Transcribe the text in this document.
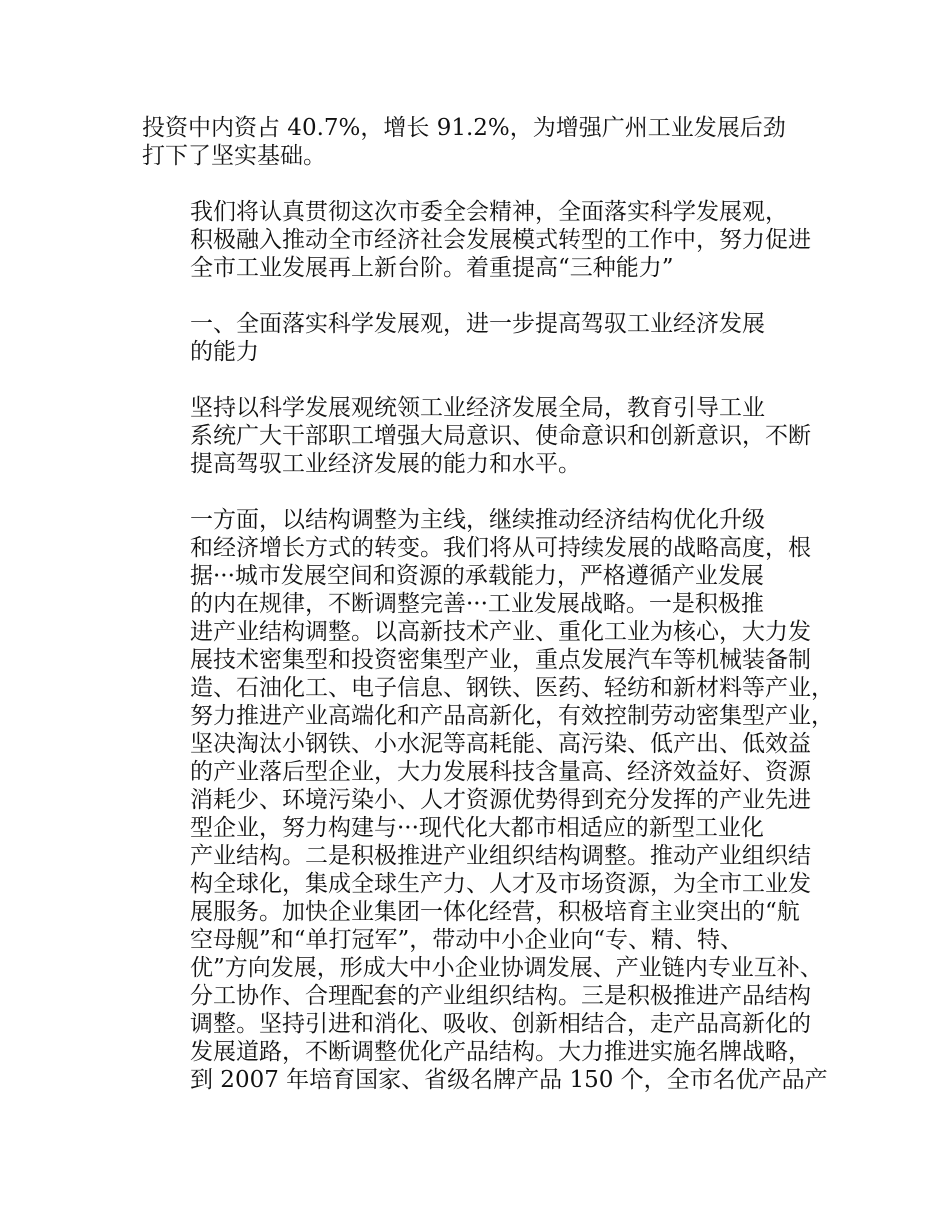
投资中内资占 40.7%，增长 91.2%，为增强广州工业发展后劲
打下了坚实基础。

我们将认真贯彻这次市委全会精神，全面落实科学发展观，
积极融入推动全市经济社会发展模式转型的工作中，努力促进
全市工业发展再上新台阶。着重提高“三种能力”

一、全面落实科学发展观，进一步提高驾驭工业经济发展
的能力

坚持以科学发展观统领工业经济发展全局，教育引导工业
系统广大干部职工增强大局意识、使命意识和创新意识，不断
提高驾驭工业经济发展的能力和水平。

一方面，以结构调整为主线，继续推动经济结构优化升级
和经济增长方式的转变。我们将从可持续发展的战略高度，根
据···城市发展空间和资源的承载能力，严格遵循产业发展
的内在规律，不断调整完善···工业发展战略。一是积极推
进产业结构调整。以高新技术产业、重化工业为核心，大力发
展技术密集型和投资密集型产业，重点发展汽车等机械装备制
造、石油化工、电子信息、钢铁、医药、轻纺和新材料等产业，
努力推进产业高端化和产品高新化，有效控制劳动密集型产业，
坚决淘汰小钢铁、小水泥等高耗能、高污染、低产出、低效益
的产业落后型企业，大力发展科技含量高、经济效益好、资源
消耗少、环境污染小、人才资源优势得到充分发挥的产业先进
型企业，努力构建与···现代化大都市相适应的新型工业化
产业结构。二是积极推进产业组织结构调整。推动产业组织结
构全球化，集成全球生产力、人才及市场资源，为全市工业发
展服务。加快企业集团一体化经营，积极培育主业突出的“航
空母舰”和“单打冠军”，带动中小企业向“专、精、特、
优”方向发展，形成大中小企业协调发展、产业链内专业互补、
分工协作、合理配套的产业组织结构。三是积极推进产品结构
调整。坚持引进和消化、吸收、创新相结合，走产品高新化的
发展道路，不断调整优化产品结构。大力推进实施名牌战略，
到 2007 年培育国家、省级名牌产品 150 个，全市名优产品产
